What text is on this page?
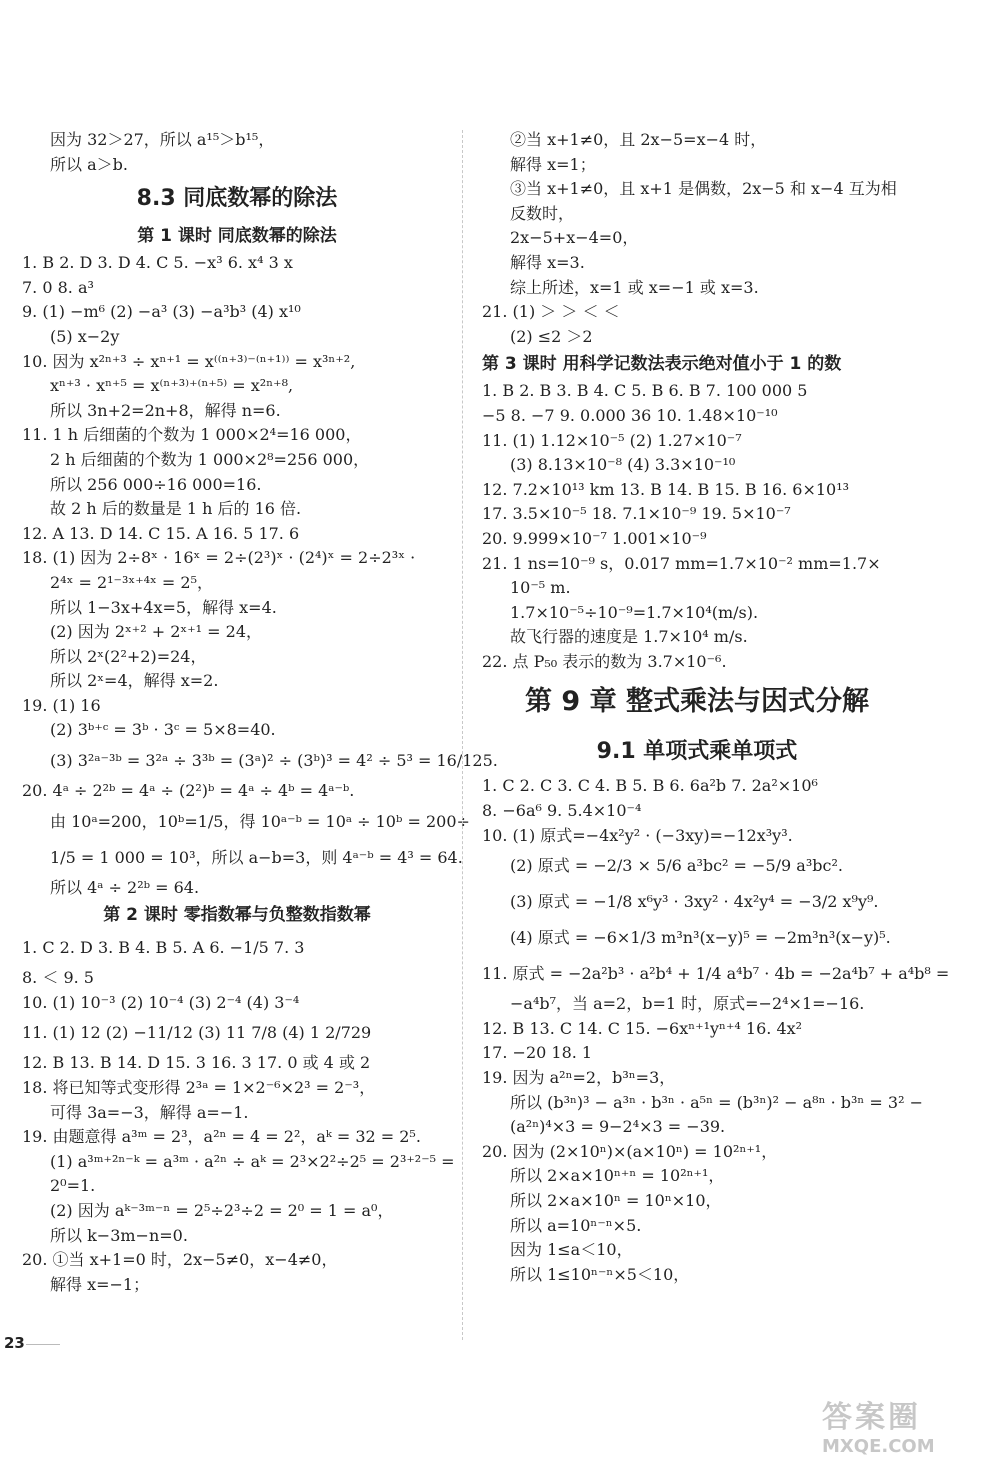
因为 32＞27，所以 a¹⁵＞b¹⁵，
所以 a＞b.
8.3 同底数幂的除法
第 1 课时 同底数幂的除法
1. B 2. D 3. D 4. C 5. −x³ 6. x⁴ 3 x
7. 0 8. a³
9. (1) −m⁶ (2) −a³ (3) −a³b³ (4) x¹⁰
(5) x−2y
10. 因为 x²ⁿ⁺³ ÷ xⁿ⁺¹ = x⁽⁽ⁿ⁺³⁾⁻⁽ⁿ⁺¹⁾⁾ = x³ⁿ⁺²,
xⁿ⁺³ · xⁿ⁺⁵ = x⁽ⁿ⁺³⁾⁺⁽ⁿ⁺⁵⁾ = x²ⁿ⁺⁸,
所以 3n+2=2n+8，解得 n=6.
11. 1 h 后细菌的个数为 1 000×2⁴=16 000，
2 h 后细菌的个数为 1 000×2⁸=256 000，
所以 256 000÷16 000=16.
故 2 h 后的数量是 1 h 后的 16 倍.
12. A 13. D 14. C 15. A 16. 5 17. 6
18. (1) 因为 2÷8ˣ · 16ˣ = 2÷(2³)ˣ · (2⁴)ˣ = 2÷2³ˣ ·
2⁴ˣ = 2¹⁻³ˣ⁺⁴ˣ = 2⁵，
所以 1−3x+4x=5，解得 x=4.
(2) 因为 2ˣ⁺² + 2ˣ⁺¹ = 24，
所以 2ˣ(2²+2)=24，
所以 2ˣ=4，解得 x=2.
19. (1) 16
(2) 3ᵇ⁺ᶜ = 3ᵇ · 3ᶜ = 5×8=40.
(3) 3²ᵃ⁻³ᵇ = 3²ᵃ ÷ 3³ᵇ = (3ᵃ)² ÷ (3ᵇ)³ = 4² ÷ 5³ = 16/125.
20. 4ᵃ ÷ 2²ᵇ = 4ᵃ ÷ (2²)ᵇ = 4ᵃ ÷ 4ᵇ = 4ᵃ⁻ᵇ.
由 10ᵃ=200，10ᵇ=1/5，得 10ᵃ⁻ᵇ = 10ᵃ ÷ 10ᵇ = 200÷
1/5 = 1 000 = 10³，所以 a−b=3，则 4ᵃ⁻ᵇ = 4³ = 64.
所以 4ᵃ ÷ 2²ᵇ = 64.
第 2 课时 零指数幂与负整数指数幂
1. C 2. D 3. B 4. B 5. A 6. −1/5 7. 3
8. ＜ 9. 5
10. (1) 10⁻³ (2) 10⁻⁴ (3) 2⁻⁴ (4) 3⁻⁴
11. (1) 12 (2) −11/12 (3) 11 7/8 (4) 1 2/729
12. B 13. B 14. D 15. 3 16. 3 17. 0 或 4 或 2
18. 将已知等式变形得 2³ᵃ = 1×2⁻⁶×2³ = 2⁻³，
可得 3a=−3，解得 a=−1.
19. 由题意得 a³ᵐ = 2³，a²ⁿ = 4 = 2²，aᵏ = 32 = 2⁵.
(1) a³ᵐ⁺²ⁿ⁻ᵏ = a³ᵐ · a²ⁿ ÷ aᵏ = 2³×2²÷2⁵ = 2³⁺²⁻⁵ =
2⁰=1.
(2) 因为 aᵏ⁻³ᵐ⁻ⁿ = 2⁵÷2³÷2 = 2⁰ = 1 = a⁰，
所以 k−3m−n=0.
20. ①当 x+1=0 时，2x−5≠0，x−4≠0，
解得 x=−1；
②当 x+1≠0，且 2x−5=x−4 时，
解得 x=1；
③当 x+1≠0，且 x+1 是偶数，2x−5 和 x−4 互为相
反数时，
2x−5+x−4=0，
解得 x=3.
综上所述，x=1 或 x=−1 或 x=3.
21. (1) ＞ ＞ ＜ ＜
(2) ≤2 ＞2
第 3 课时 用科学记数法表示绝对值小于 1 的数
1. B 2. B 3. B 4. C 5. B 6. B 7. 100 000 5
−5 8. −7 9. 0.000 36 10. 1.48×10⁻¹⁰
11. (1) 1.12×10⁻⁵ (2) 1.27×10⁻⁷
(3) 8.13×10⁻⁸ (4) 3.3×10⁻¹⁰
12. 7.2×10¹³ km 13. B 14. B 15. B 16. 6×10¹³
17. 3.5×10⁻⁵ 18. 7.1×10⁻⁹ 19. 5×10⁻⁷
20. 9.999×10⁻⁷ 1.001×10⁻⁹
21. 1 ns=10⁻⁹ s，0.017 mm=1.7×10⁻² mm=1.7×
10⁻⁵ m.
1.7×10⁻⁵÷10⁻⁹=1.7×10⁴(m/s).
故飞行器的速度是 1.7×10⁴ m/s.
22. 点 P₅₀ 表示的数为 3.7×10⁻⁶.
第 9 章 整式乘法与因式分解
9.1 单项式乘单项式
1. C 2. C 3. C 4. B 5. B 6. 6a²b 7. 2a²×10⁶
8. −6a⁶ 9. 5.4×10⁻⁴
10. (1) 原式=−4x²y² · (−3xy)=−12x³y³.
(2) 原式 = −2/3 × 5/6 a³bc² = −5/9 a³bc².
(3) 原式 = −1/8 x⁶y³ · 3xy² · 4x²y⁴ = −3/2 x⁹y⁹.
(4) 原式 = −6×1/3 m³n³(x−y)⁵ = −2m³n³(x−y)⁵.
11. 原式 = −2a²b³ · a²b⁴ + 1/4 a⁴b⁷ · 4b = −2a⁴b⁷ + a⁴b⁸ =
−a⁴b⁷，当 a=2，b=1 时，原式=−2⁴×1=−16.
12. B 13. C 14. C 15. −6xⁿ⁺¹yⁿ⁺⁴ 16. 4x²
17. −20 18. 1
19. 因为 a²ⁿ=2，b³ⁿ=3，
所以 (b³ⁿ)³ − a³ⁿ · b³ⁿ · a⁵ⁿ = (b³ⁿ)² − a⁸ⁿ · b³ⁿ = 3² −
(a²ⁿ)⁴×3 = 9−2⁴×3 = −39.
20. 因为 (2×10ⁿ)×(a×10ⁿ) = 10²ⁿ⁺¹，
所以 2×a×10ⁿ⁺ⁿ = 10²ⁿ⁺¹，
所以 2×a×10ⁿ = 10ⁿ×10，
所以 a=10ⁿ⁻ⁿ×5.
因为 1≤a＜10，
所以 1≤10ⁿ⁻ⁿ×5＜10，
23
答案圈
MXQE.COM
